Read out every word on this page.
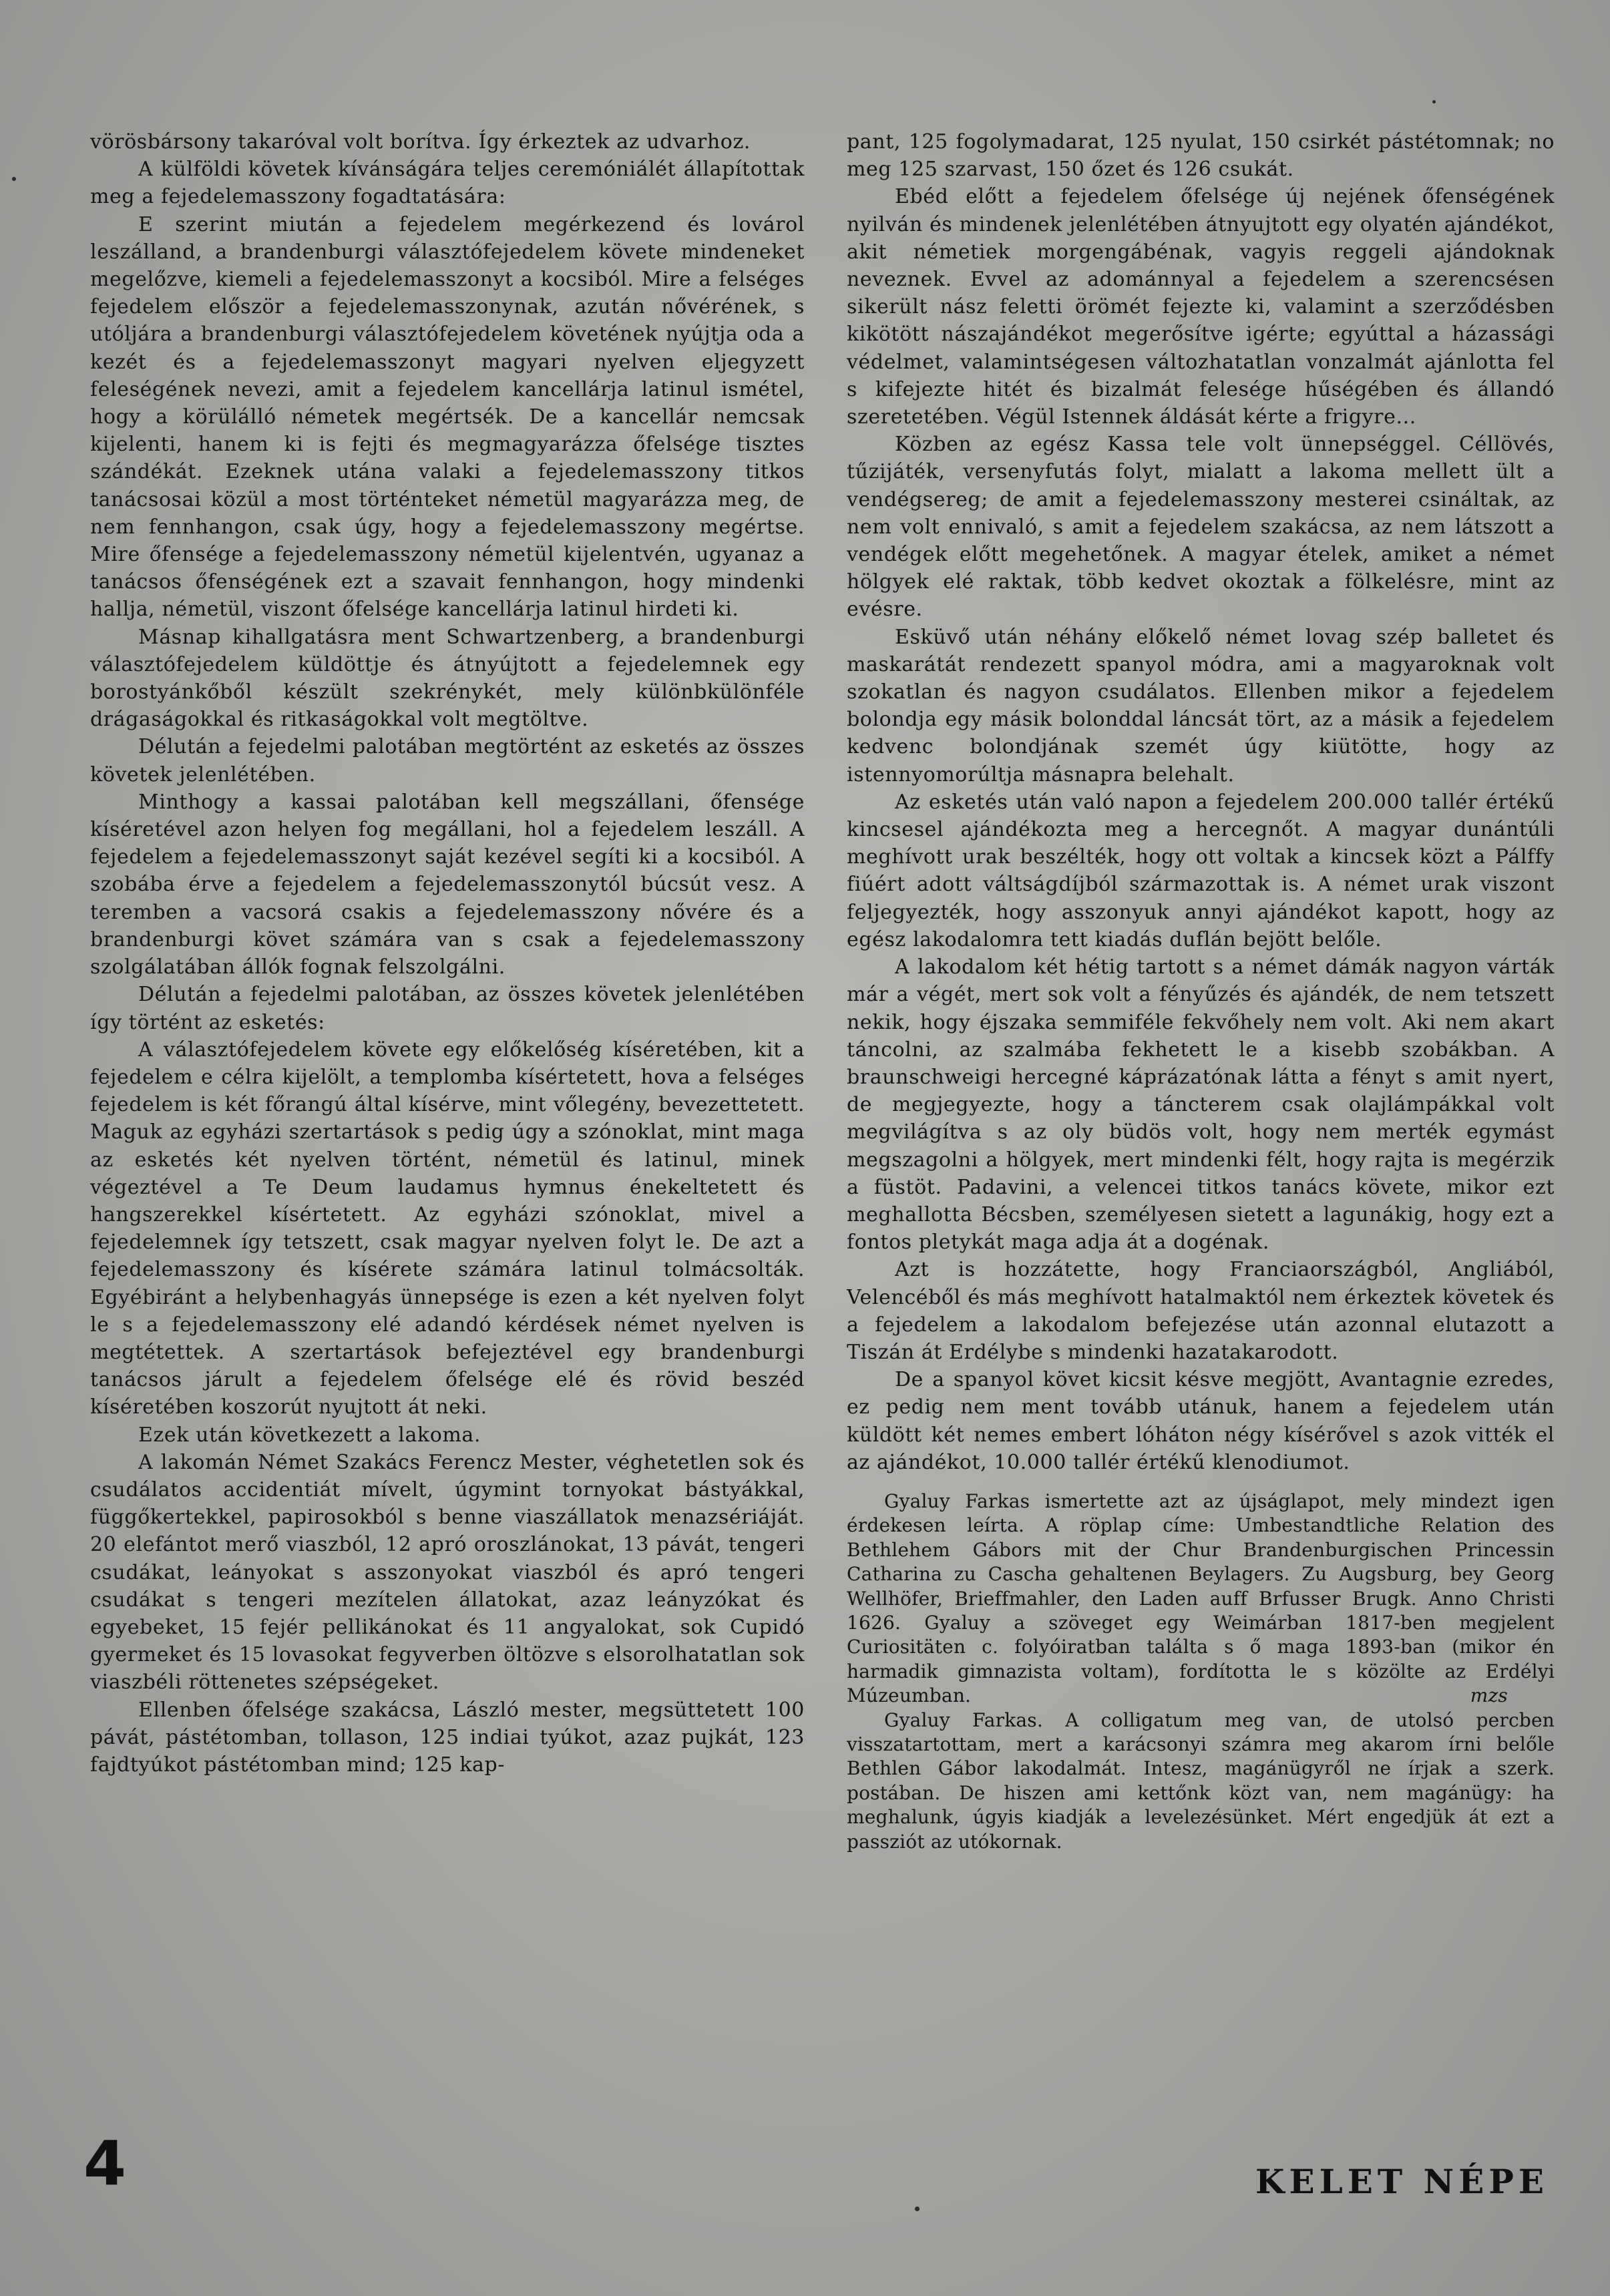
vörösbársony takaróval volt borítva. Így érkeztek az udvarhoz.

A külföldi követek kívánságára teljes ceremóniálét állapítottak meg a fejedelemasszony fogadtatására:

E szerint miután a fejedelem megérkezend és lovárol leszálland, a brandenburgi választófejedelem követe mindeneket megelőzve, kiemeli a fejedelemasszonyt a kocsiból. Mire a felséges fejedelem először a fejedelemasszonynak, azután nővérének, s utóljára a brandenburgi választófejedelem követének nyújtja oda a kezét és a fejedelemasszonyt magyari nyelven eljegyzett feleségének nevezi, amit a fejedelem kancellárja latinul ismétel, hogy a körülálló németek megértsék. De a kancellár nemcsak kijelenti, hanem ki is fejti és megmagyarázza őfelsége tisztes szándékát. Ezeknek utána valaki a fejedelemasszony titkos tanácsosai közül a most történteket németül magyarázza meg, de nem fennhangon, csak úgy, hogy a fejedelemasszony megértse. Mire őfensége a fejedelemasszony németül kijelentvén, ugyanaz a tanácsos őfenségének ezt a szavait fennhangon, hogy mindenki hallja, németül, viszont őfelsége kancellárja latinul hirdeti ki.

Másnap kihallgatásra ment Schwartzenberg, a brandenburgi választófejedelem küldöttje és átnyújtott a fejedelemnek egy borostyánkőből készült szekrénykét, mely különbkülönféle drágaságokkal és ritkaságokkal volt megtöltve.

Délután a fejedelmi palotában megtörtént az esketés az összes követek jelenlétében.

Minthogy a kassai palotában kell megszállani, őfensége kíséretével azon helyen fog megállani, hol a fejedelem leszáll. A fejedelem a fejedelemasszonyt saját kezével segíti ki a kocsiból. A szobába érve a fejedelem a fejedelemasszonytól búcsút vesz. A teremben a vacsorá csakis a fejedelemasszony nővére és a brandenburgi követ számára van s csak a fejedelemasszony szolgálatában állók fognak felszolgálni.

Délután a fejedelmi palotában, az összes követek jelenlétében így történt az esketés:

A választófejedelem követe egy előkelőség kíséretében, kit a fejedelem e célra kijelölt, a templomba kísértetett, hova a felséges fejedelem is két főrangú által kísérve, mint vőlegény, bevezettetett. Maguk az egyházi szertartások s pedig úgy a szónoklat, mint maga az esketés két nyelven történt, németül és latinul, minek végeztével a Te Deum laudamus hymnus énekeltetett és hangszerekkel kísértetett. Az egyházi szónoklat, mivel a fejedelemnek így tetszett, csak magyar nyelven folyt le. De azt a fejedelemasszony és kísérete számára latinul tolmácsolták. Egyébiránt a helybenhagyás ünnepsége is ezen a két nyelven folyt le s a fejedelemasszony elé adandó kérdések német nyelven is megtétettek. A szertartások befejeztével egy brandenburgi tanácsos járult a fejedelem őfelsége elé és rövid beszéd kíséretében koszorút nyujtott át neki.

Ezek után következett a lakoma.

A lakomán Német Szakács Ferencz Mester, véghetetlen sok és csudálatos accidentiát mívelt, úgymint tornyokat bástyákkal, függőkertekkel, papirosokból s benne viaszállatok menazsériáját. 20 elefántot merő viaszból, 12 apró oroszlánokat, 13 pávát, tengeri csudákat, leányokat s asszonyokat viaszból és apró tengeri csudákat s tengeri mezítelen állatokat, azaz leányzókat és egyebeket, 15 fejér pellikánokat és 11 angyalokat, sok Cupidó gyermeket és 15 lovasokat fegyverben öltözve s elsorolhatatlan sok viaszbéli röttenetes szépségeket.

Ellenben őfelsége szakácsa, László mester, megsüttetett 100 pávát, pástétomban, tollason, 125 indiai tyúkot, azaz pujkát, 123 fajdtyúkot pástétomban mind; 125 kap-

pant, 125 fogolymadarat, 125 nyulat, 150 csirkét pástétomnak; no meg 125 szarvast, 150 őzet és 126 csukát.

Ebéd előtt a fejedelem őfelsége új nejének őfenségének nyilván és mindenek jelenlétében átnyujtott egy olyatén ajándékot, akit németiek morgengábénak, vagyis reggeli ajándoknak neveznek. Evvel az adománnyal a fejedelem a szerencsésen sikerült nász feletti örömét fejezte ki, valamint a szerződésben kikötött nászajándékot megerősítve igérte; egyúttal a házassági védelmet, valamintségesen változhatatlan vonzalmát ajánlotta fel s kifejezte hitét és bizalmát felesége hűségében és állandó szeretetében. Végül Istennek áldását kérte a frigyre...

Közben az egész Kassa tele volt ünnepséggel. Céllövés, tűzijáték, versenyfutás folyt, mialatt a lakoma mellett ült a vendégsereg; de amit a fejedelemasszony mesterei csináltak, az nem volt ennivaló, s amit a fejedelem szakácsa, az nem látszott a vendégek előtt megehetőnek. A magyar ételek, amiket a német hölgyek elé raktak, több kedvet okoztak a fölkelésre, mint az evésre.

Esküvő után néhány előkelő német lovag szép balletet és maskarátát rendezett spanyol módra, ami a magyaroknak volt szokatlan és nagyon csudálatos. Ellenben mikor a fejedelem bolondja egy másik bolonddal láncsát tört, az a másik a fejedelem kedvenc bolondjának szemét úgy kiütötte, hogy az istennyomorúltja másnapra belehalt.

Az esketés után való napon a fejedelem 200.000 tallér értékű kincsesel ajándékozta meg a hercegnőt. A magyar dunántúli meghívott urak beszélték, hogy ott voltak a kincsek közt a Pálffy fiúért adott váltságdíjból származottak is. A német urak viszont feljegyezték, hogy asszonyuk annyi ajándékot kapott, hogy az egész lakodalomra tett kiadás duflán bejött belőle.

A lakodalom két hétig tartott s a német dámák nagyon várták már a végét, mert sok volt a fényűzés és ajándék, de nem tetszett nekik, hogy éjszaka semmiféle fekvőhely nem volt. Aki nem akart táncolni, az szalmába fekhetett le a kisebb szobákban. A braunschweigi hercegné káprázatónak látta a fényt s amit nyert, de megjegyezte, hogy a táncterem csak olajlámpákkal volt megvilágítva s az oly büdös volt, hogy nem merték egymást megszagolni a hölgyek, mert mindenki félt, hogy rajta is megérzik a füstöt. Padavini, a velencei titkos tanács követe, mikor ezt meghallotta Bécsben, személyesen sietett a lagunákig, hogy ezt a fontos pletykát maga adja át a dogénak.

Azt is hozzátette, hogy Franciaországból, Angliából, Velencéből és más meghívott hatalmaktól nem érkeztek követek és a fejedelem a lakodalom befejezése után azonnal elutazott a Tiszán át Erdélybe s mindenki hazatakarodott.

De a spanyol követ kicsit késve megjött, Avantagnie ezredes, ez pedig nem ment tovább utánuk, hanem a fejedelem után küldött két nemes embert lóháton négy kísérővel s azok vitték el az ajándékot, 10.000 tallér értékű klenodiumot.

Gyaluy Farkas ismertette azt az újságlapot, mely mindezt igen érdekesen leírta. A röplap címe: Umbestandtliche Relation des Bethlehem Gábors mit der Chur Brandenburgischen Princessin Catharina zu Cascha gehaltenen Beylagers. Zu Augsburg, bey Georg Wellhöfer, Brieffmahler, den Laden auff Brfusser Brugk. Anno Christi 1626. Gyaluy a szöveget egy Weimárban 1817-ben megjelent Curiositäten c. folyóiratban találta s ő maga 1893-ban (mikor én harmadik gimnazista voltam), fordította le s közölte az Erdélyi Múzeumban.	mzs

Gyaluy Farkas. A colligatum meg van, de utolsó percben visszatartottam, mert a karácsonyi számra meg akarom írni belőle Bethlen Gábor lakodalmát. Intesz, magánügyről ne írjak a szerk. postában. De hiszen ami kettőnk közt van, nem magánügy: ha meghalunk, úgyis kiadják a levelezésünket. Mért engedjük át ezt a passziót az utókornak.

4	KELET NÉPE
